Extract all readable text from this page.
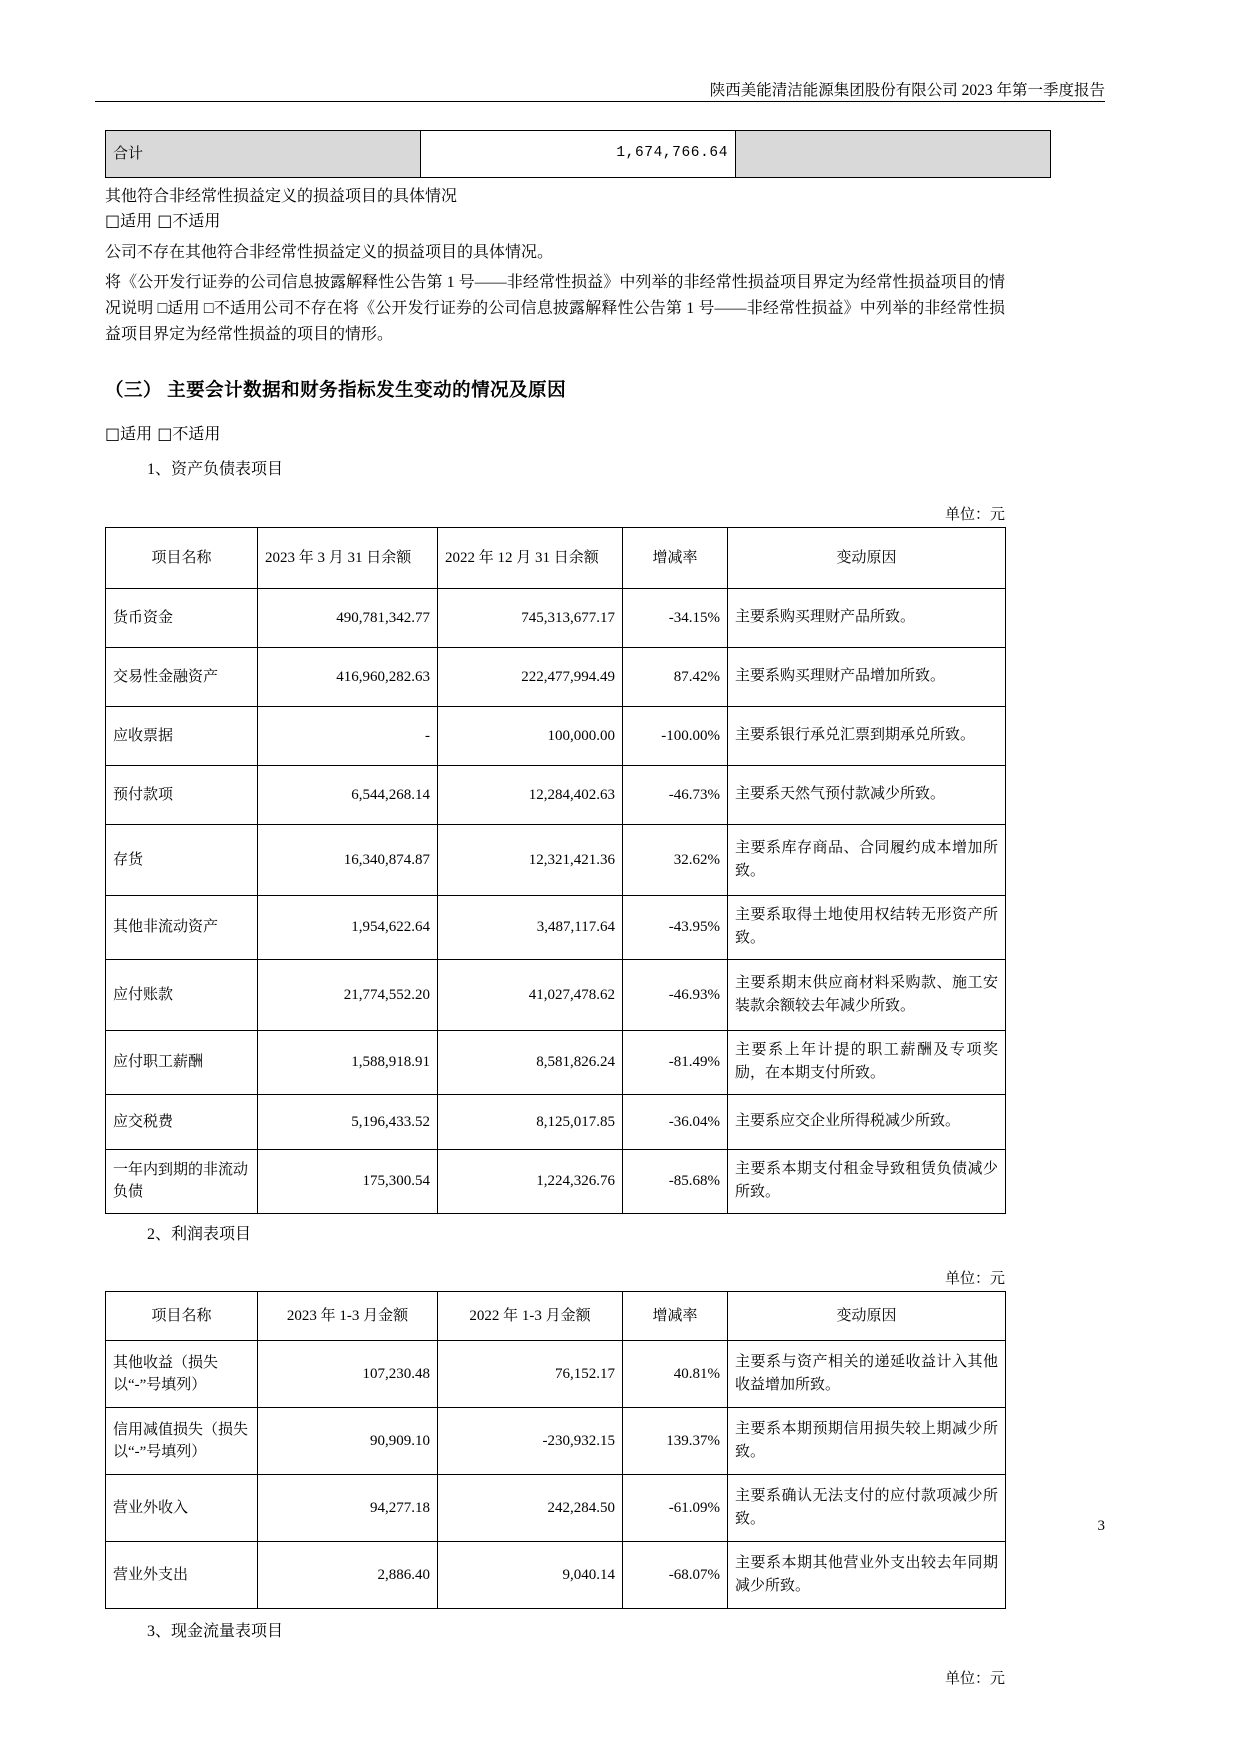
陕西美能清洁能源集团股份有限公司 2023 年第一季度报告
合计	1,674,766.64	

其他符合非经常性损益定义的损益项目的具体情况

□适用 □不适用

公司不存在其他符合非经常性损益定义的损益项目的具体情况。

将《公开发行证券的公司信息披露解释性公告第 1 号——非经常性损益》中列举的非经常性损益项目界定为经常性损益项目的情况说明 □适用 □不适用公司不存在将《公开发行证券的公司信息披露解释性公告第 1 号——非经常性损益》中列举的非经常性损益项目界定为经常性损益的项目的情形。

（三） 主要会计数据和财务指标发生变动的情况及原因

□适用 □不适用

1、资产负债表项目

单位：元

项目名称	2023 年 3 月 31 日余额	2022 年 12 月 31 日余额	增减率	变动原因
货币资金	490,781,342.77	745,313,677.17	-34.15%	主要系购买理财产品所致。
交易性金融资产	416,960,282.63	222,477,994.49	87.42%	主要系购买理财产品增加所致。
应收票据	-	100,000.00	-100.00%	主要系银行承兑汇票到期承兑所致。
预付款项	6,544,268.14	12,284,402.63	-46.73%	主要系天然气预付款减少所致。
存货	16,340,874.87	12,321,421.36	32.62%	主要系库存商品、合同履约成本增加所致。
其他非流动资产	1,954,622.64	3,487,117.64	-43.95%	主要系取得土地使用权结转无形资产所致。
应付账款	21,774,552.20	41,027,478.62	-46.93%	主要系期末供应商材料采购款、施工安装款余额较去年减少所致。
应付职工薪酬	1,588,918.91	8,581,826.24	-81.49%	主要系上年计提的职工薪酬及专项奖励，在本期支付所致。
应交税费	5,196,433.52	8,125,017.85	-36.04%	主要系应交企业所得税减少所致。
一年内到期的非流动负债	175,300.54	1,224,326.76	-85.68%	主要系本期支付租金导致租赁负债减少所致。

2、利润表项目

单位：元

项目名称	2023 年 1-3 月金额	2022 年 1-3 月金额	增减率	变动原因
其他收益（损失以“-”号填列）	107,230.48	76,152.17	40.81%	主要系与资产相关的递延收益计入其他收益增加所致。
信用减值损失（损失以“-”号填列）	90,909.10	-230,932.15	139.37%	主要系本期预期信用损失较上期减少所致。
营业外收入	94,277.18	242,284.50	-61.09%	主要系确认无法支付的应付款项减少所致。
营业外支出	2,886.40	9,040.14	-68.07%	主要系本期其他营业外支出较去年同期减少所致。

3、现金流量表项目

单位：元

3
